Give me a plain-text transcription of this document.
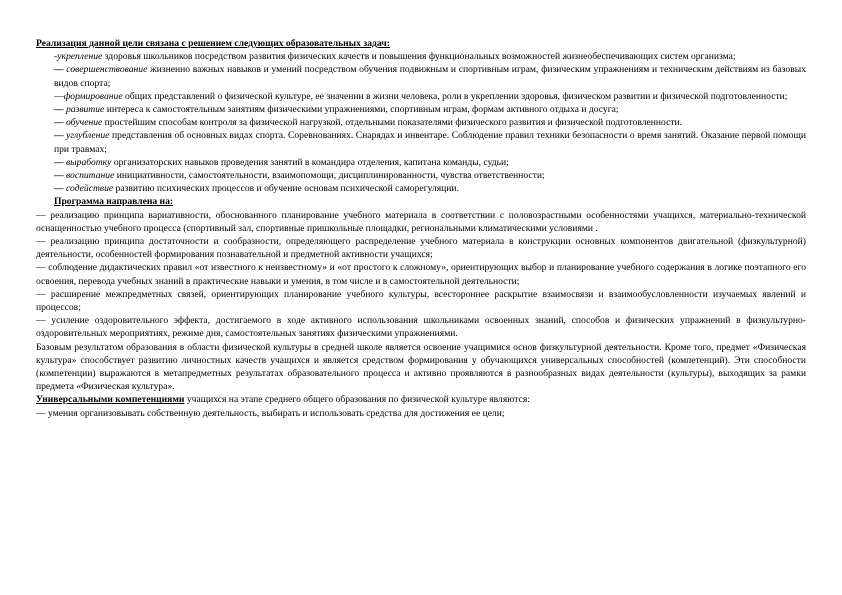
Реализация данной цели связана с решением следующих образовательных задач:

-укрепление здоровья школьников посредством развития физических качеств и повышения функциональных возможностей жизнеобеспечивающих систем организма;

— совершенствование жизненно важных навыков и умений посредством обучения подвижным и спортивным играм, физическим упражнениям и техническим действиям из базовых видов спорта;

—формирование общих представлений о физической культуре, ее значении в жизни человека, роли в укреплении здоровья, физическом развитии и физической подготовленности;

— развитие интереса к самостоятельным занятиям физическими упражнениями, спортивным играм, формам активного отдыха и досуга;

— обучение простейшим способам контроля за физической нагрузкой, отдельными показателями физического развития и физической подготовленности.

— углубление представления об основных видах спорта. Соревнованиях. Снарядах и инвентаре. Соблюдение правил техники безопасности о время занятий. Оказание первой помощи при травмах;

— выработку организаторских навыков проведения занятий в командира отделения, капитана команды, судьи;

— воспитание инициативности, самостоятельности, взаимопомощи, дисциплинированности, чувства ответственности;

— содействие развитию психических процессов и обучение основам психической саморегуляции.

Программа направлена на:

— реализацию принципа вариативности, обоснованного планирование учебного материала в соответствии с половозрастными особенностями учащихся, материально-технической оснащенностью учебного процесса (спортивный зал, спортивные пришкольные площадки, региональными климатическими условиями .

— реализацию принципа достаточности и сообразности, определяющего распределение учебного материала в конструкции основных компонентов двигательной (физкультурной) деятельности, особенностей формирования познавательной и предметной активности учащихся;

— соблюдение дидактических правил «от известного к неизвестному» и «от простого к сложному», ориентирующих выбор и планирование учебного содержания в логике поэтапного его освоения, перевода учебных знаний в практические навыки и умения, в том числе и в самостоятельной деятельности;

— расширение межпредметных связей, ориентирующих планирование учебного культуры, всестороннее раскрытие взаимосвязи и взаимообусловленности изучаемых явлений и процессов;

— усиление оздоровительного эффекта, достигаемого в ходе активного использования школьниками освоенных знаний, способов и физических упражнений в физкультурно-оздоровительных мероприятиях, режиме дня, самостоятельных занятиях физическими упражнениями.

Базовым результатом образования в области физической культуры в средней школе является освоение учащимися основ физкультурной деятельности. Кроме того, предмет «Физическая культура» способствует развитию личностных качеств учащихся и является средством формирования у обучающихся универсальных способностей (компетенций). Эти способности (компетенции) выражаются в метапредметных результатах образовательного процесса и активно проявляются в разнообразных видах деятельности (культуры), выходящих за рамки предмета «Физическая культура».

Универсальными компетенциями учащихся на этапе среднего общего образования по физической культуре являются:

— умения организовывать собственную деятельность, выбирать и использовать средства для достижения ее цели;
